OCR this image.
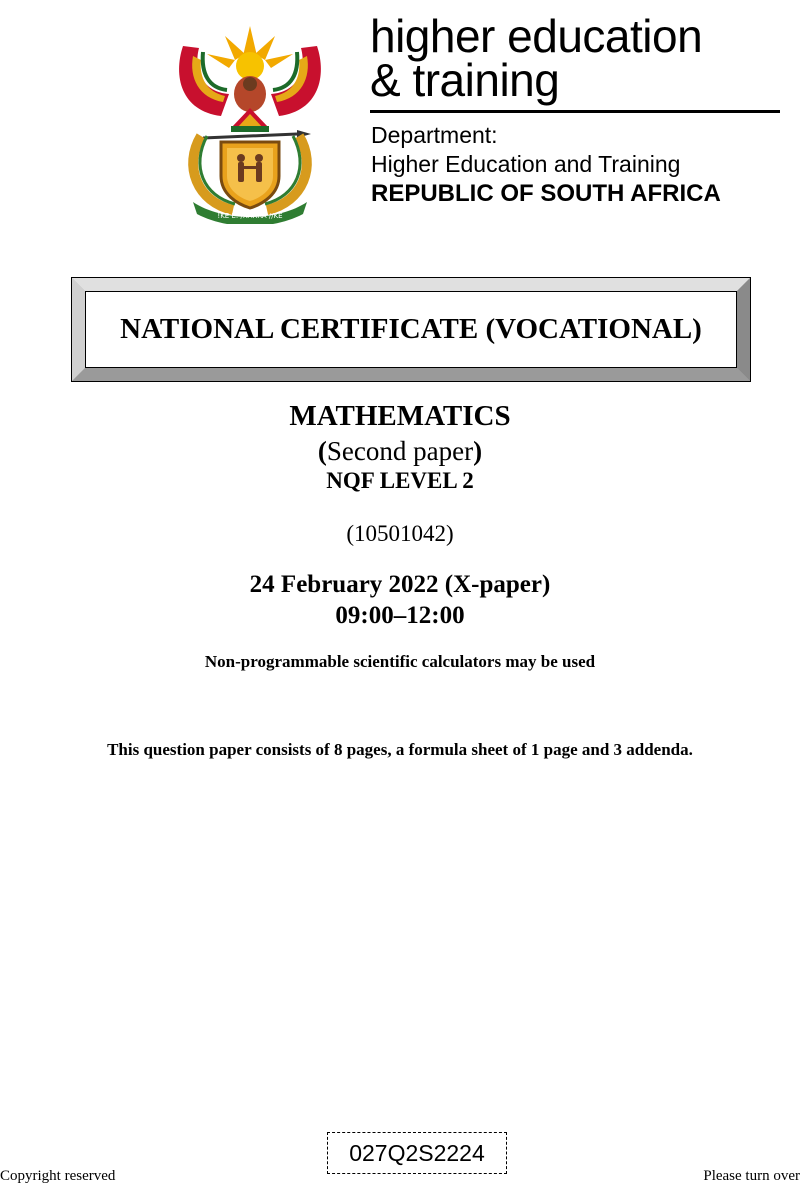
!KE E: /XARRA //KE
higher education
& training
Department:
Higher Education and Training
REPUBLIC OF SOUTH AFRICA
NATIONAL CERTIFICATE (VOCATIONAL)
MATHEMATICS
(Second paper)
NQF LEVEL 2
(10501042)
24 February 2022 (X-paper)
09:00–12:00
Non-programmable scientific calculators may be used
This question paper consists of 8 pages, a formula sheet of 1 page and 3 addenda.
027Q2S2224
Copyright reserved	Please turn over
